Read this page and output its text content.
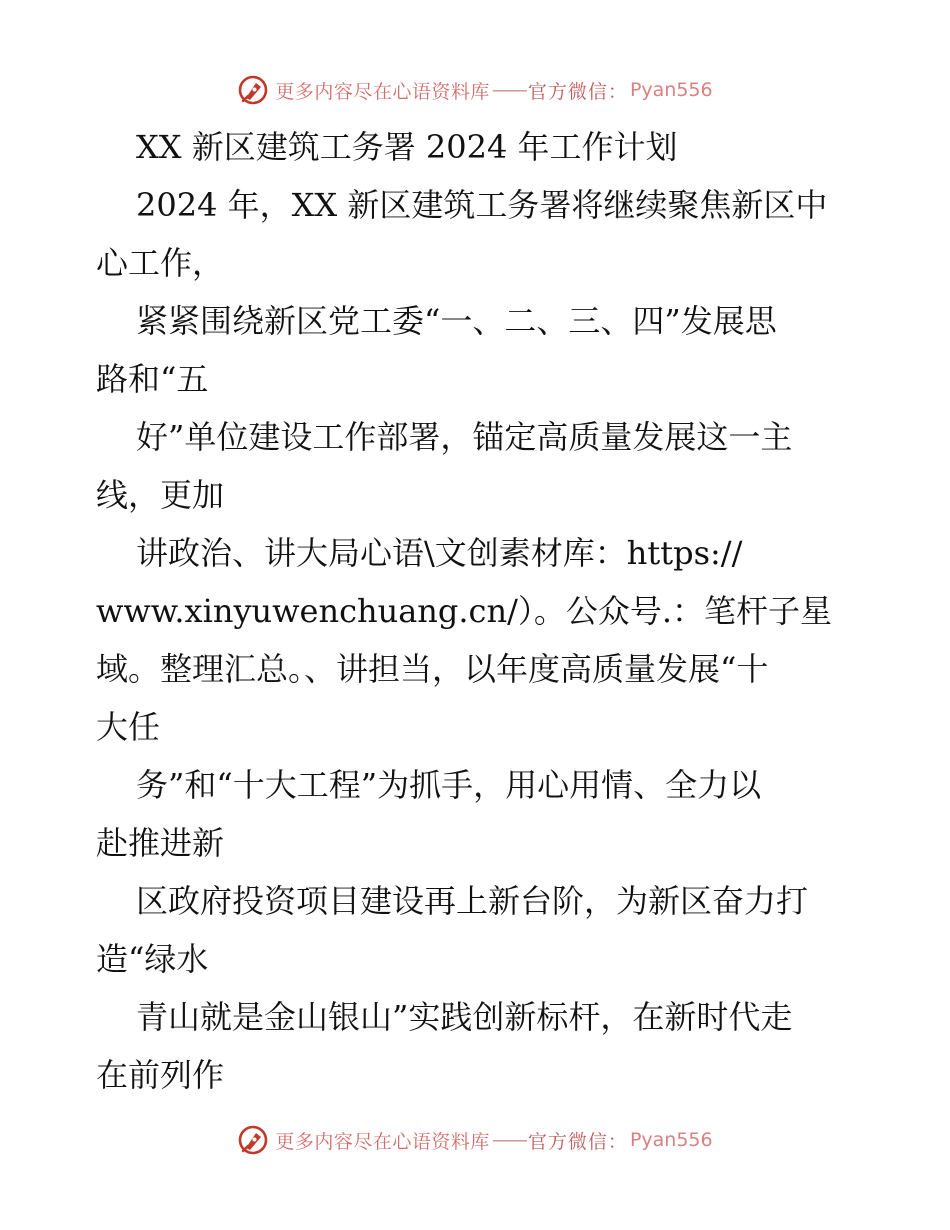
更多内容尽在心语资料库 —— 官方微信： Pyan556
XX 新区建筑工务署 2024 年工作计划
2024 年，XX 新区建筑工务署将继续聚焦新区中
心工作，
紧紧围绕新区党工委“一、二、三、四”发展思
路和“五
好”单位建设工作部署，锚定高质量发展这一主
线，更加
讲政治、讲大局心语\文创素材库：https://
www.xinyuwenchuang.cn/）。公众号.：笔杆子星
域。整理汇总。、讲担当，以年度高质量发展“十
大任
务”和“十大工程”为抓手，用心用情、全力以
赴推进新
区政府投资项目建设再上新台阶，为新区奋力打
造“绿水
青山就是金山银山”实践创新标杆，在新时代走
在前列作
更多内容尽在心语资料库 —— 官方微信： Pyan556
